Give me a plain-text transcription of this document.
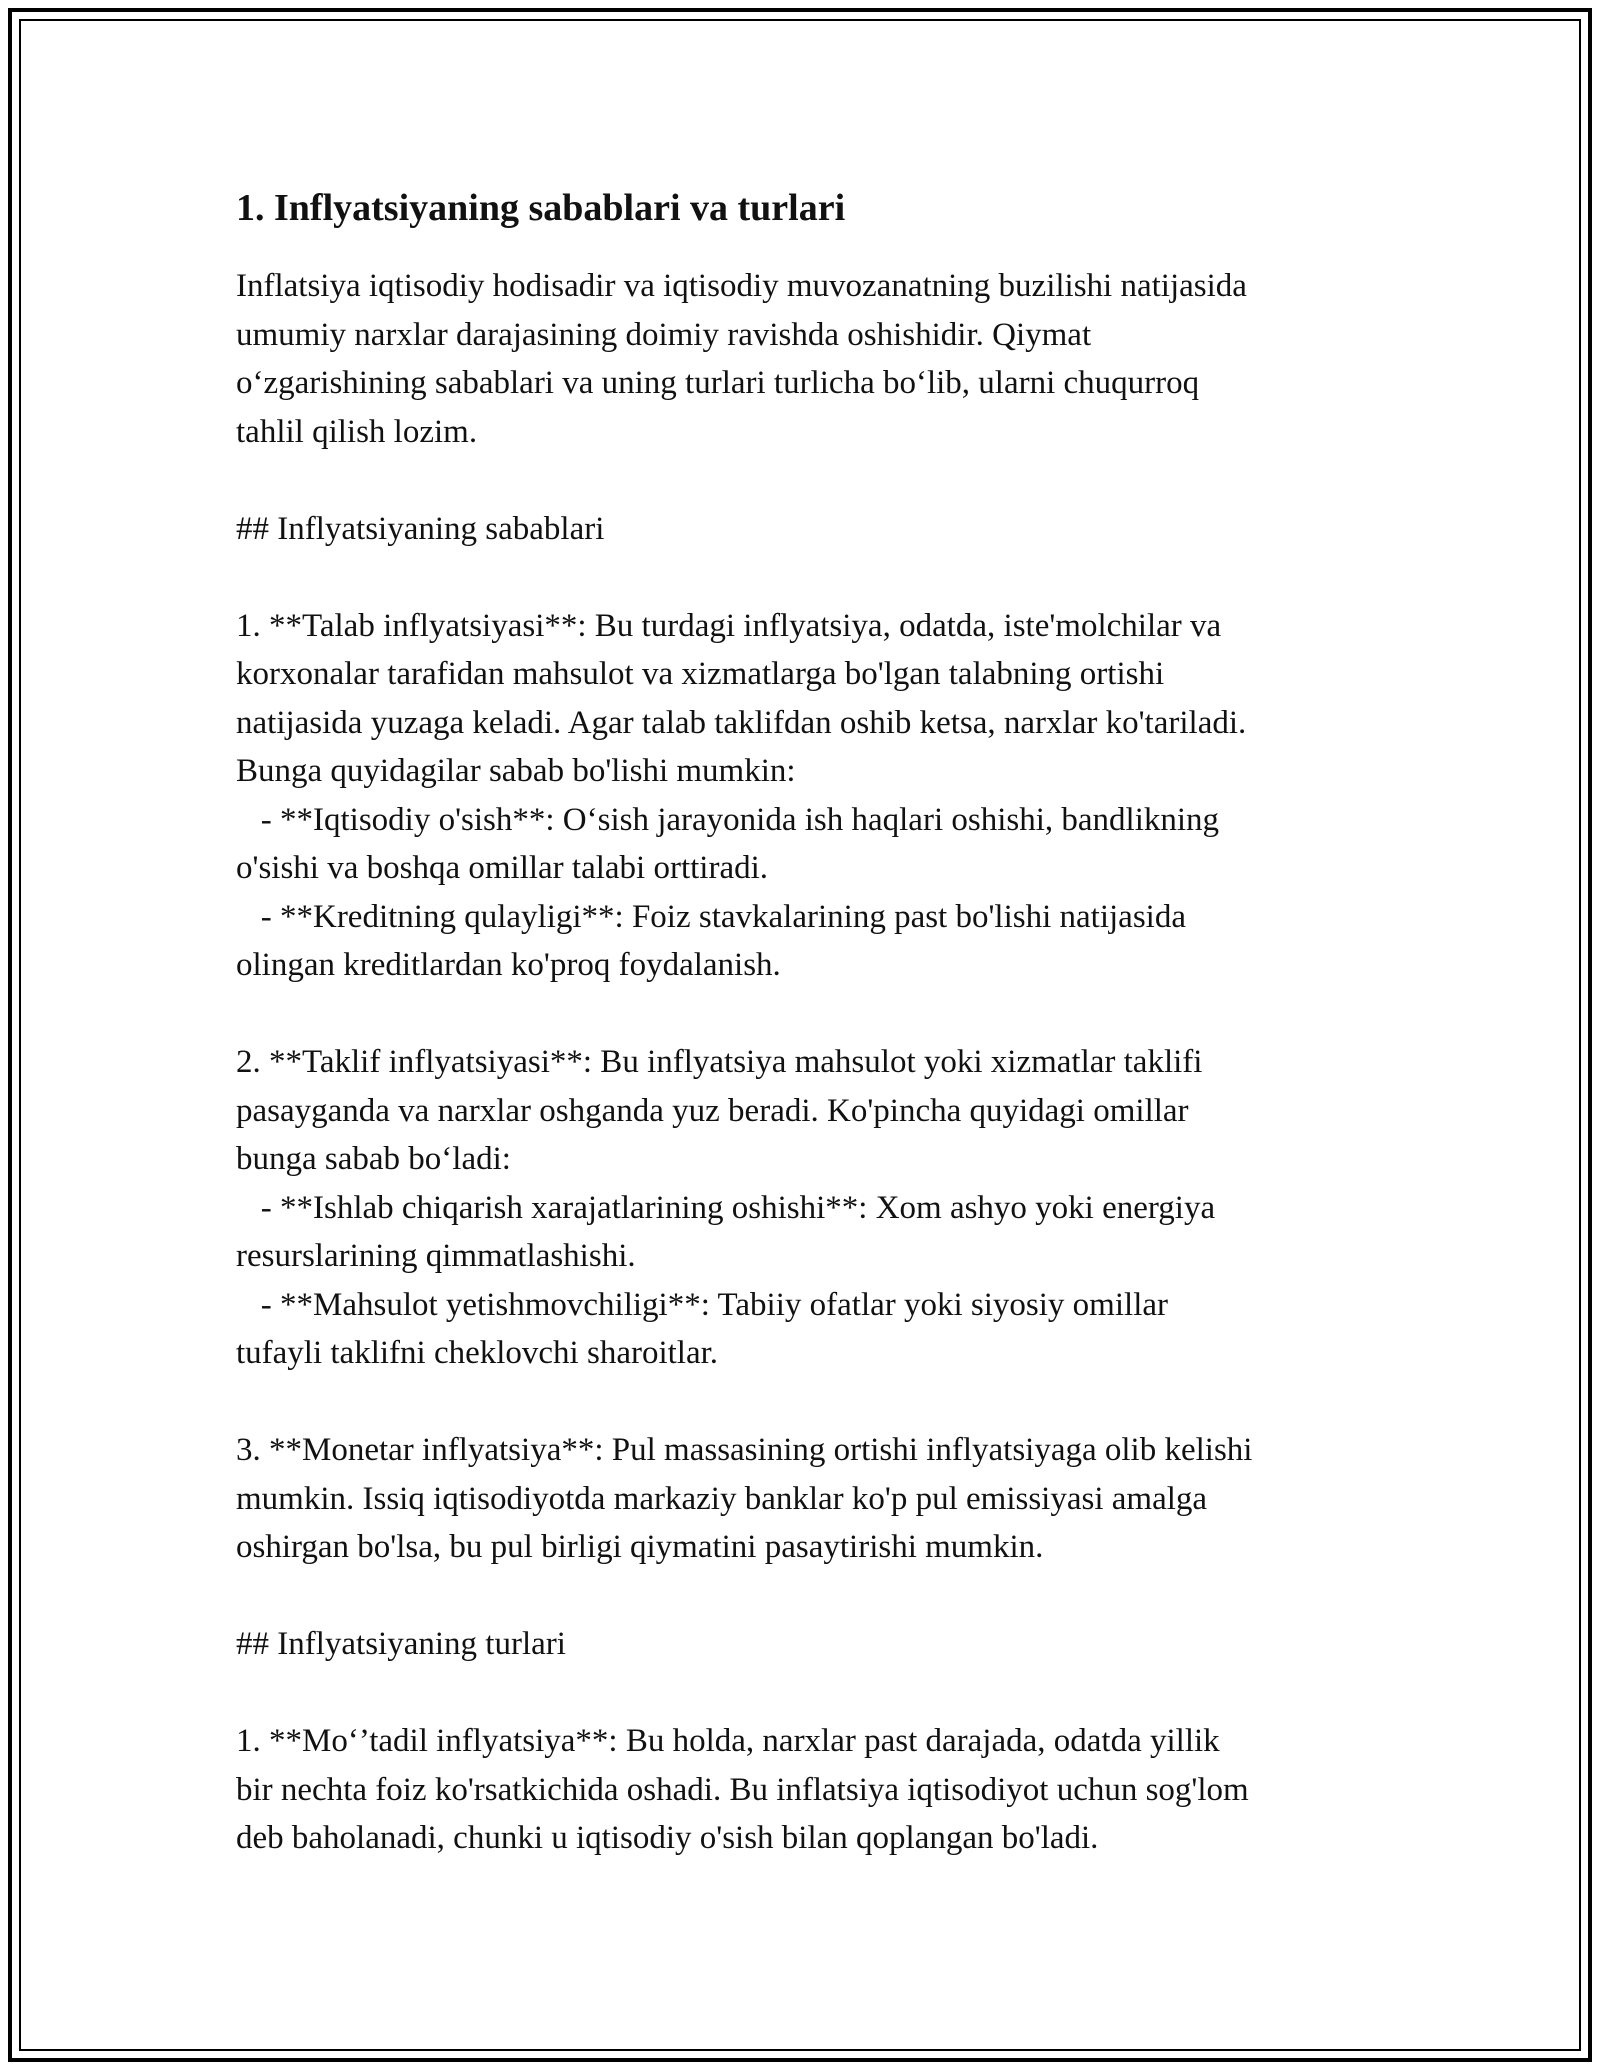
1. Inflyatsiyaning sabablari va turlari

Inflatsiya iqtisodiy hodisadir va iqtisodiy muvozanatning buzilishi natijasida
umumiy narxlar darajasining doimiy ravishda oshishidir. Qiymat
o‘zgarishining sabablari va uning turlari turlicha bo‘lib, ularni chuqurroq
tahlil qilish lozim.

## Inflyatsiyaning sabablari

1. **Talab inflyatsiyasi**: Bu turdagi inflyatsiya, odatda, iste'molchilar va
korxonalar tarafidan mahsulot va xizmatlarga bo'lgan talabning ortishi
natijasida yuzaga keladi. Agar talab taklifdan oshib ketsa, narxlar ko'tariladi.
Bunga quyidagilar sabab bo'lishi mumkin:
- **Iqtisodiy o'sish**: O‘sish jarayonida ish haqlari oshishi, bandlikning
o'sishi va boshqa omillar talabi orttiradi.
- **Kreditning qulayligi**: Foiz stavkalarining past bo'lishi natijasida
olingan kreditlardan ko'proq foydalanish.

2. **Taklif inflyatsiyasi**: Bu inflyatsiya mahsulot yoki xizmatlar taklifi
pasayganda va narxlar oshganda yuz beradi. Ko'pincha quyidagi omillar
bunga sabab bo‘ladi:
- **Ishlab chiqarish xarajatlarining oshishi**: Xom ashyo yoki energiya
resurslarining qimmatlashishi.
- **Mahsulot yetishmovchiligi**: Tabiiy ofatlar yoki siyosiy omillar
tufayli taklifni cheklovchi sharoitlar.

3. **Monetar inflyatsiya**: Pul massasining ortishi inflyatsiyaga olib kelishi
mumkin. Issiq iqtisodiyotda markaziy banklar ko'p pul emissiyasi amalga
oshirgan bo'lsa, bu pul birligi qiymatini pasaytirishi mumkin.

## Inflyatsiyaning turlari

1. **Mo‘’tadil inflyatsiya**: Bu holda, narxlar past darajada, odatda yillik
bir nechta foiz ko'rsatkichida oshadi. Bu inflatsiya iqtisodiyot uchun sog'lom
deb baholanadi, chunki u iqtisodiy o'sish bilan qoplangan bo'ladi.
